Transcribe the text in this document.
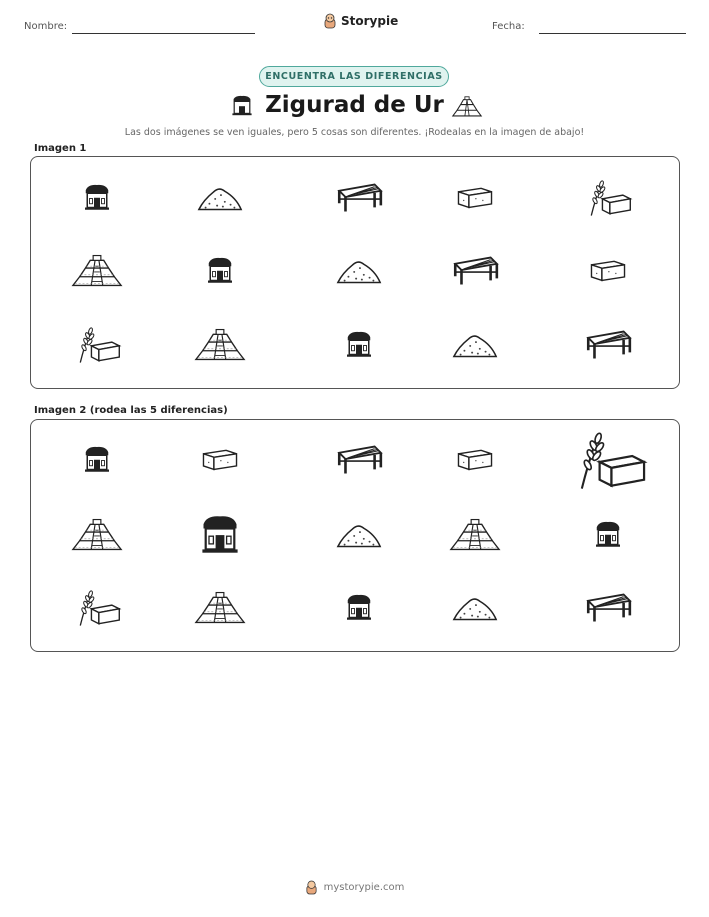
Nombre:	Storypie	Fecha:
ENCUENTRA LAS DIFERENCIAS
Zigurad de Ur
Las dos imágenes se ven iguales, pero 5 cosas son diferentes. ¡Rodealas en la imagen de abajo!
Imagen 1
Imagen 2 (rodea las 5 diferencias)
mystorypie.com
